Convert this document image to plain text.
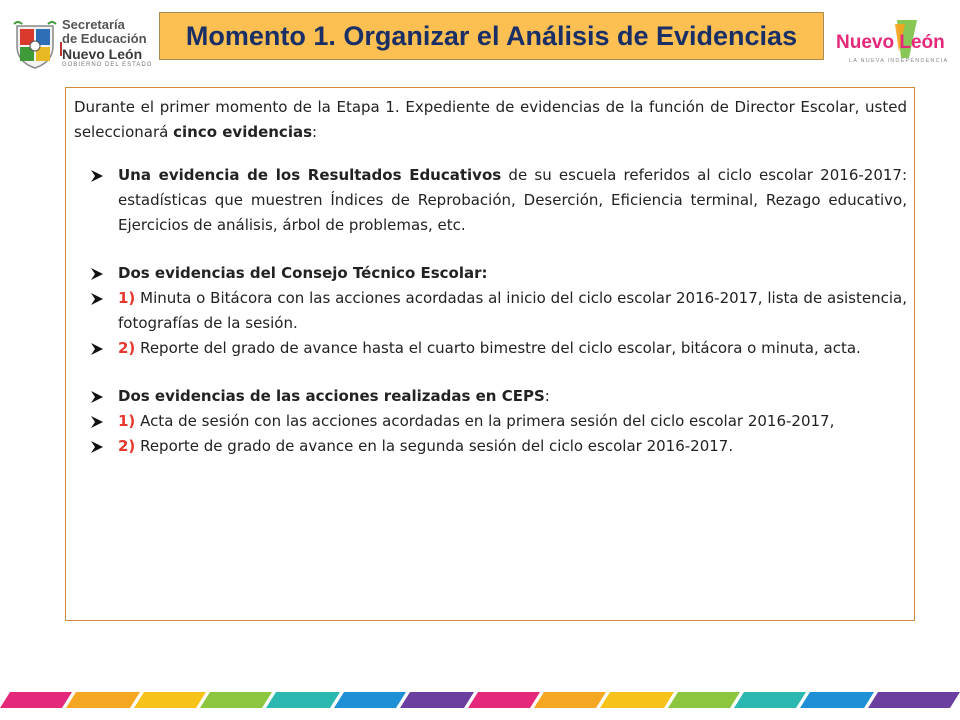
Secretaría
de Educación
Nuevo León
GOBIERNO DEL ESTADO
Momento 1. Organizar el Análisis de Evidencias Nuevo León
LA NUEVA INDEPENDENCIA

Durante el primer momento de la Etapa 1. Expediente de evidencias de la función de Director Escolar, usted seleccionará cinco evidencias:

Una evidencia de los Resultados Educativos de su escuela referidos al ciclo escolar 2016-2017: estadísticas que muestren Índices de Reprobación, Deserción, Eficiencia terminal, Rezago educativo, Ejercicios de análisis, árbol de problemas, etc.
Dos evidencias del Consejo Técnico Escolar:
1) Minuta o Bitácora con las acciones acordadas al inicio del ciclo escolar 2016-2017, lista de asistencia, fotografías de la sesión.
2) Reporte del grado de avance hasta el cuarto bimestre del ciclo escolar, bitácora o minuta, acta.
Dos evidencias de las acciones realizadas en CEPS:
1) Acta de sesión con las acciones acordadas en la primera sesión del ciclo escolar 2016-2017,
2) Reporte de grado de avance en la segunda sesión del ciclo escolar 2016-2017.
